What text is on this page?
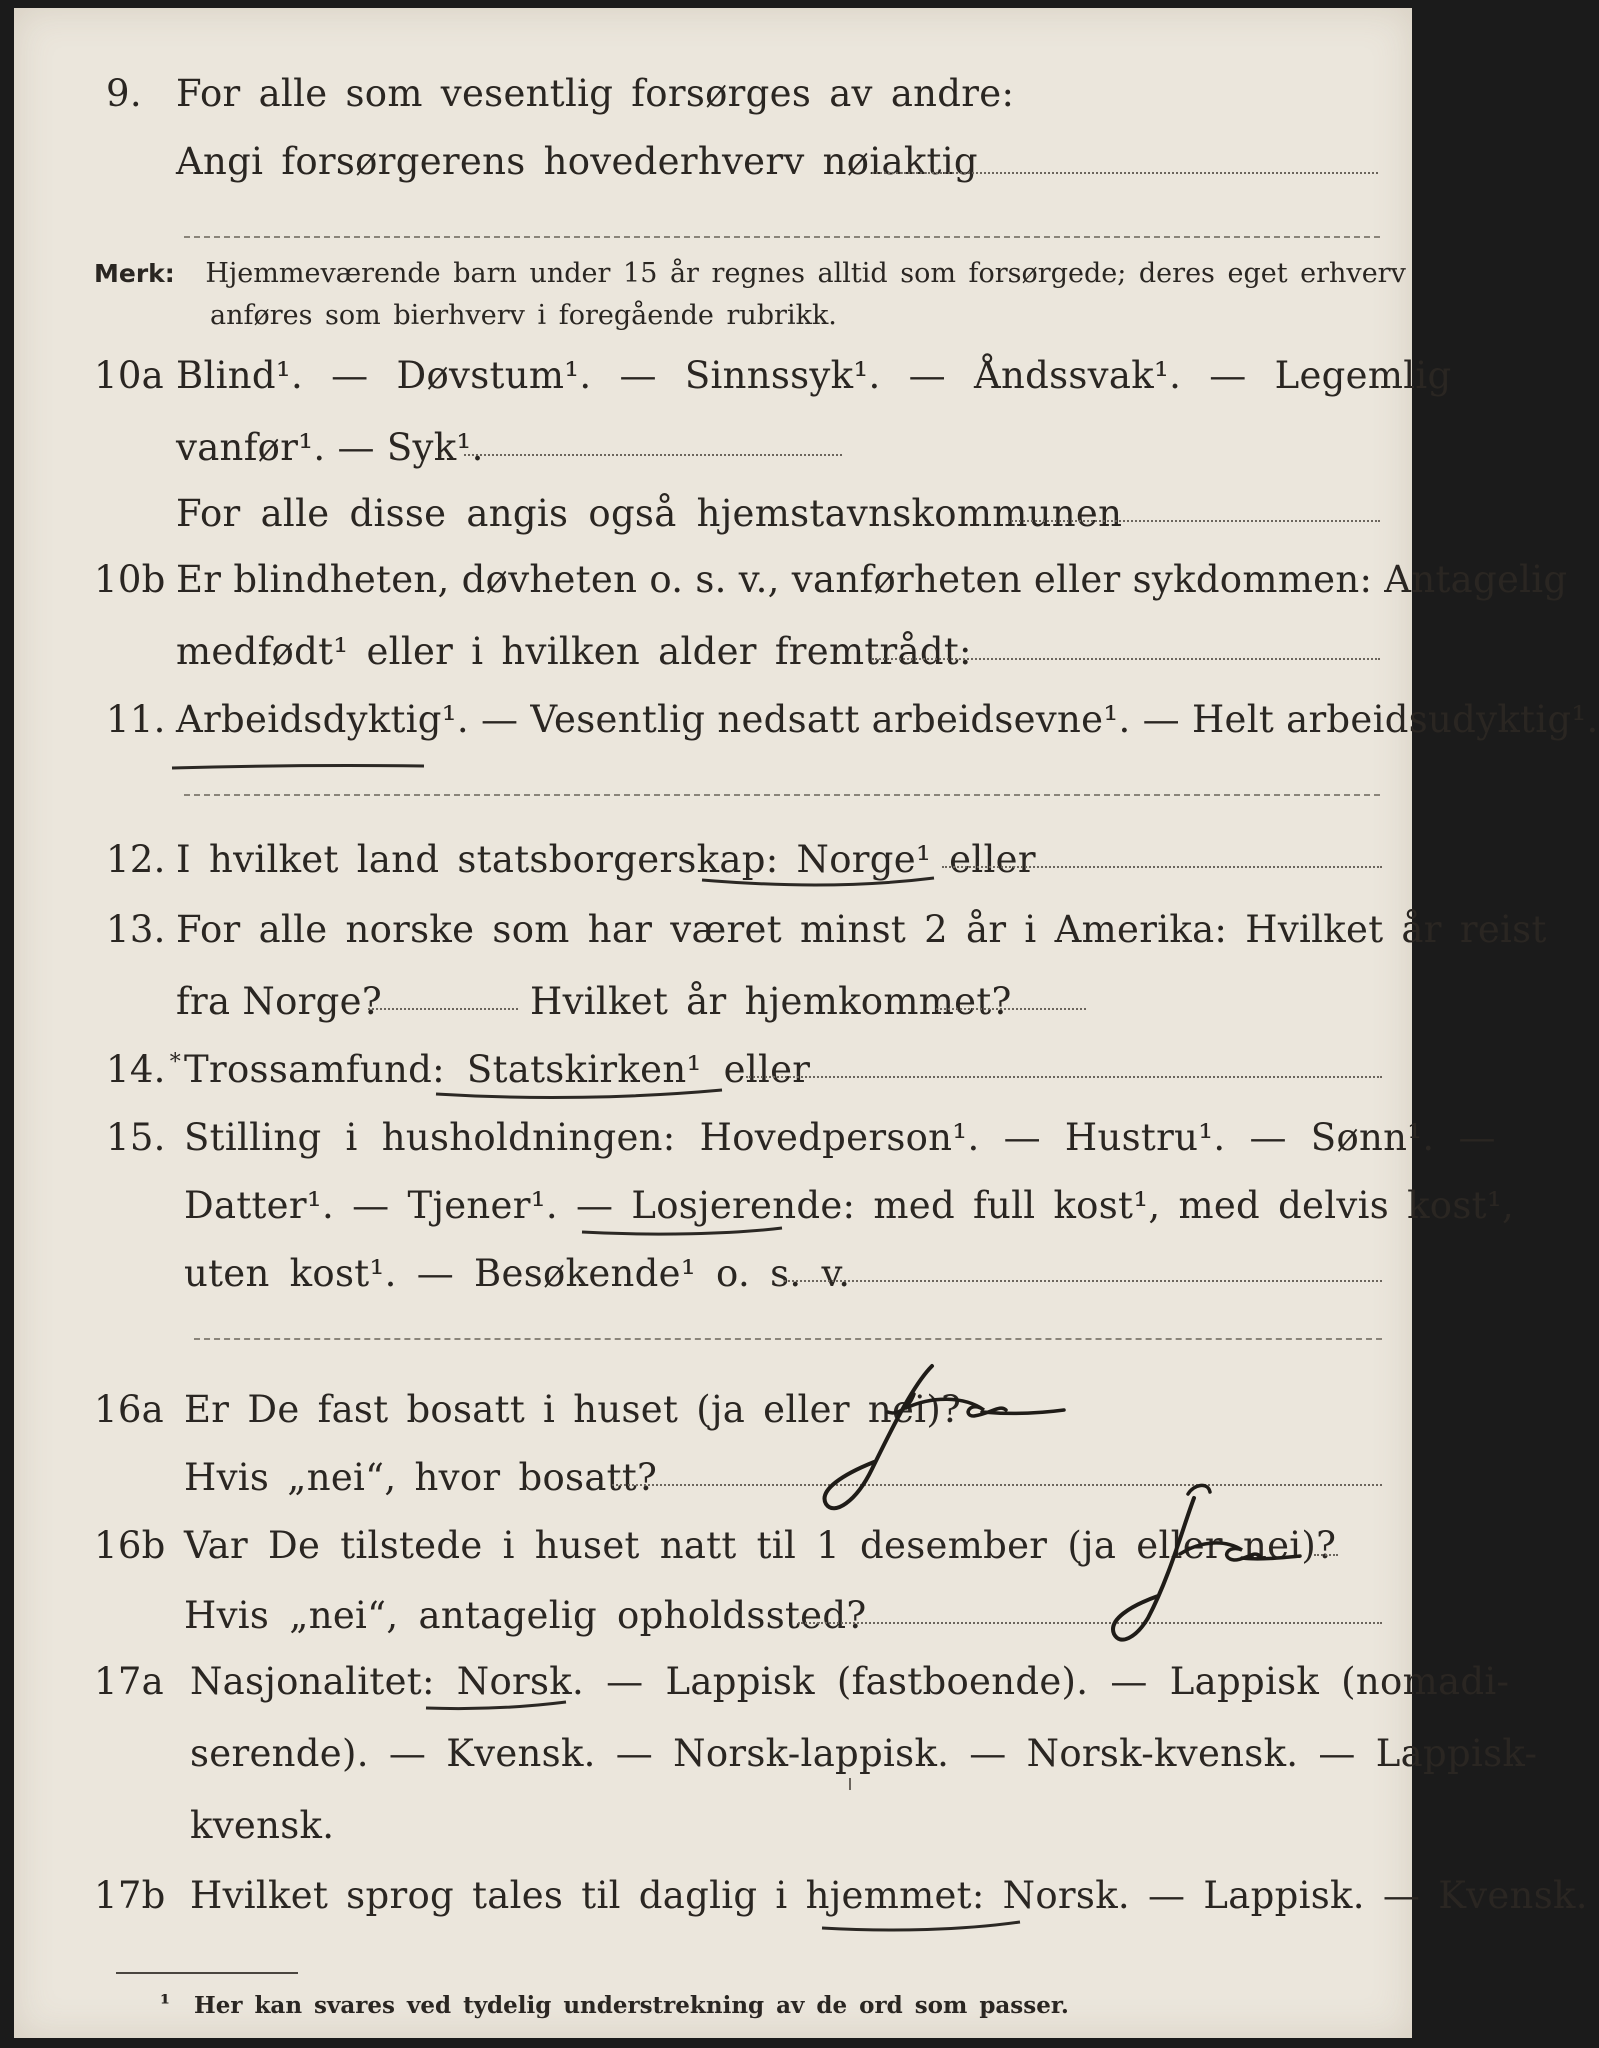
9. For alle som vesentlig forsørges av andre:
Angi forsørgerens hovederhverv nøiaktig
Merk: Hjemmeværende barn under 15 år regnes alltid som forsørgede; deres eget erhverv
anføres som bierhverv i foregående rubrikk.
10a Blind¹. — Døvstum¹. — Sinnssyk¹. — Åndssvak¹. — Legemlig
vanfør¹. — Syk¹.
For alle disse angis også hjemstavnskommunen
10b Er blindheten, døvheten o. s. v., vanførheten eller sykdommen: Antagelig
medfødt¹ eller i hvilken alder fremtrådt:
11. Arbeidsdyktig¹. — Vesentlig nedsatt arbeidsevne¹. — Helt arbeidsudyktig¹.
12. I hvilket land statsborgerskap: Norge¹ eller
13. For alle norske som har været minst 2 år i Amerika: Hvilket år reist
fra Norge?	Hvilket år hjemkommet?
14. * Trossamfund: Statskirken¹ eller
15. Stilling i husholdningen: Hovedperson¹. — Hustru¹. — Sønn¹. —
Datter¹. — Tjener¹. — Losjerende: med full kost¹, med delvis kost¹,
uten kost¹. — Besøkende¹ o. s. v.
16a Er De fast bosatt i huset (ja eller nei)?
Hvis „nei“, hvor bosatt?
16b Var De tilstede i huset natt til 1 desember (ja eller nei)?
Hvis „nei“, antagelig opholdssted?
17a Nasjonalitet: Norsk. — Lappisk (fastboende). — Lappisk (nomadi-
serende). — Kvensk. — Norsk-lappisk. — Norsk-kvensk. — Lappisk-
kvensk.
17b Hvilket sprog tales til daglig i hjemmet: Norsk. — Lappisk. — Kvensk.
¹ Her kan svares ved tydelig understrekning av de ord som passer.
